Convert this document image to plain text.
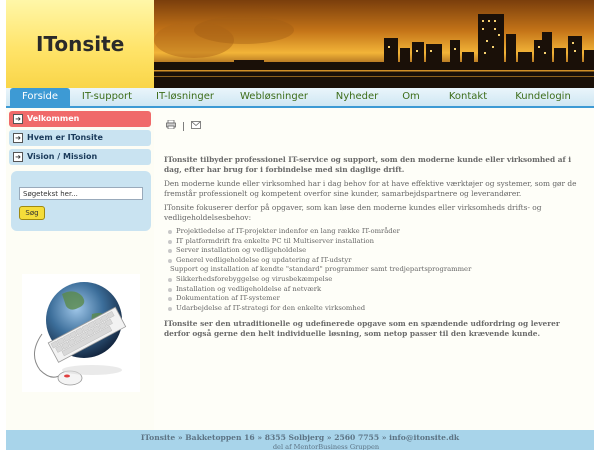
ITonsite
Forside	IT-support	IT-løsninger	Webløsninger	Nyheder	Om	Kontakt	Kundelogin
➜ Velkommen
➜ Hvem er ITonsite
➜ Vision / Mission
Søgetekst her...
Søg
|

ITonsite tilbyder professionel IT-service og support, som den moderne kunde eller virksomhed af i dag, efter har brug for i forbindelse med sin daglige drift.

Den moderne kunde eller virksomhed har i dag behov for at have effektive værktøjer og systemer, som gør de fremstår professionelt og kompetent overfor sine kunder, samarbejdspartnere og leverandører.

ITonsite fokuserer derfor på opgaver, som kan løse den moderne kundes eller virksomheds drifts- og vedligeholdelsesbehov:

Projektledelse af IT-projekter indenfor en lang række IT-områder
IT platformdrift fra enkelte PC til Multiserver installation
Server installation og vedligeholdelse
Generel vedligeholdelse og updatering af IT-udstyr
Support og installation af kendte "standard" programmer samt tredjepartsprogrammer
Sikkerhedsforebyggelse og virusbekæmpelse
Installation og vedligeholdelse af netværk
Dokumentation af IT-systemer
Udarbejdelse af IT-strategi for den enkelte virksomhed

ITonsite ser den utraditionelle og udefinerede opgave som en spændende udfordring og leverer derfor også gerne den helt individuelle løsning, som netop passer til den krævende kunde.

ITonsite » Bakketoppen 16 » 8355 Solbjerg » 2560 7755 » info@itonsite.dk
del af MentorBusiness Gruppen
